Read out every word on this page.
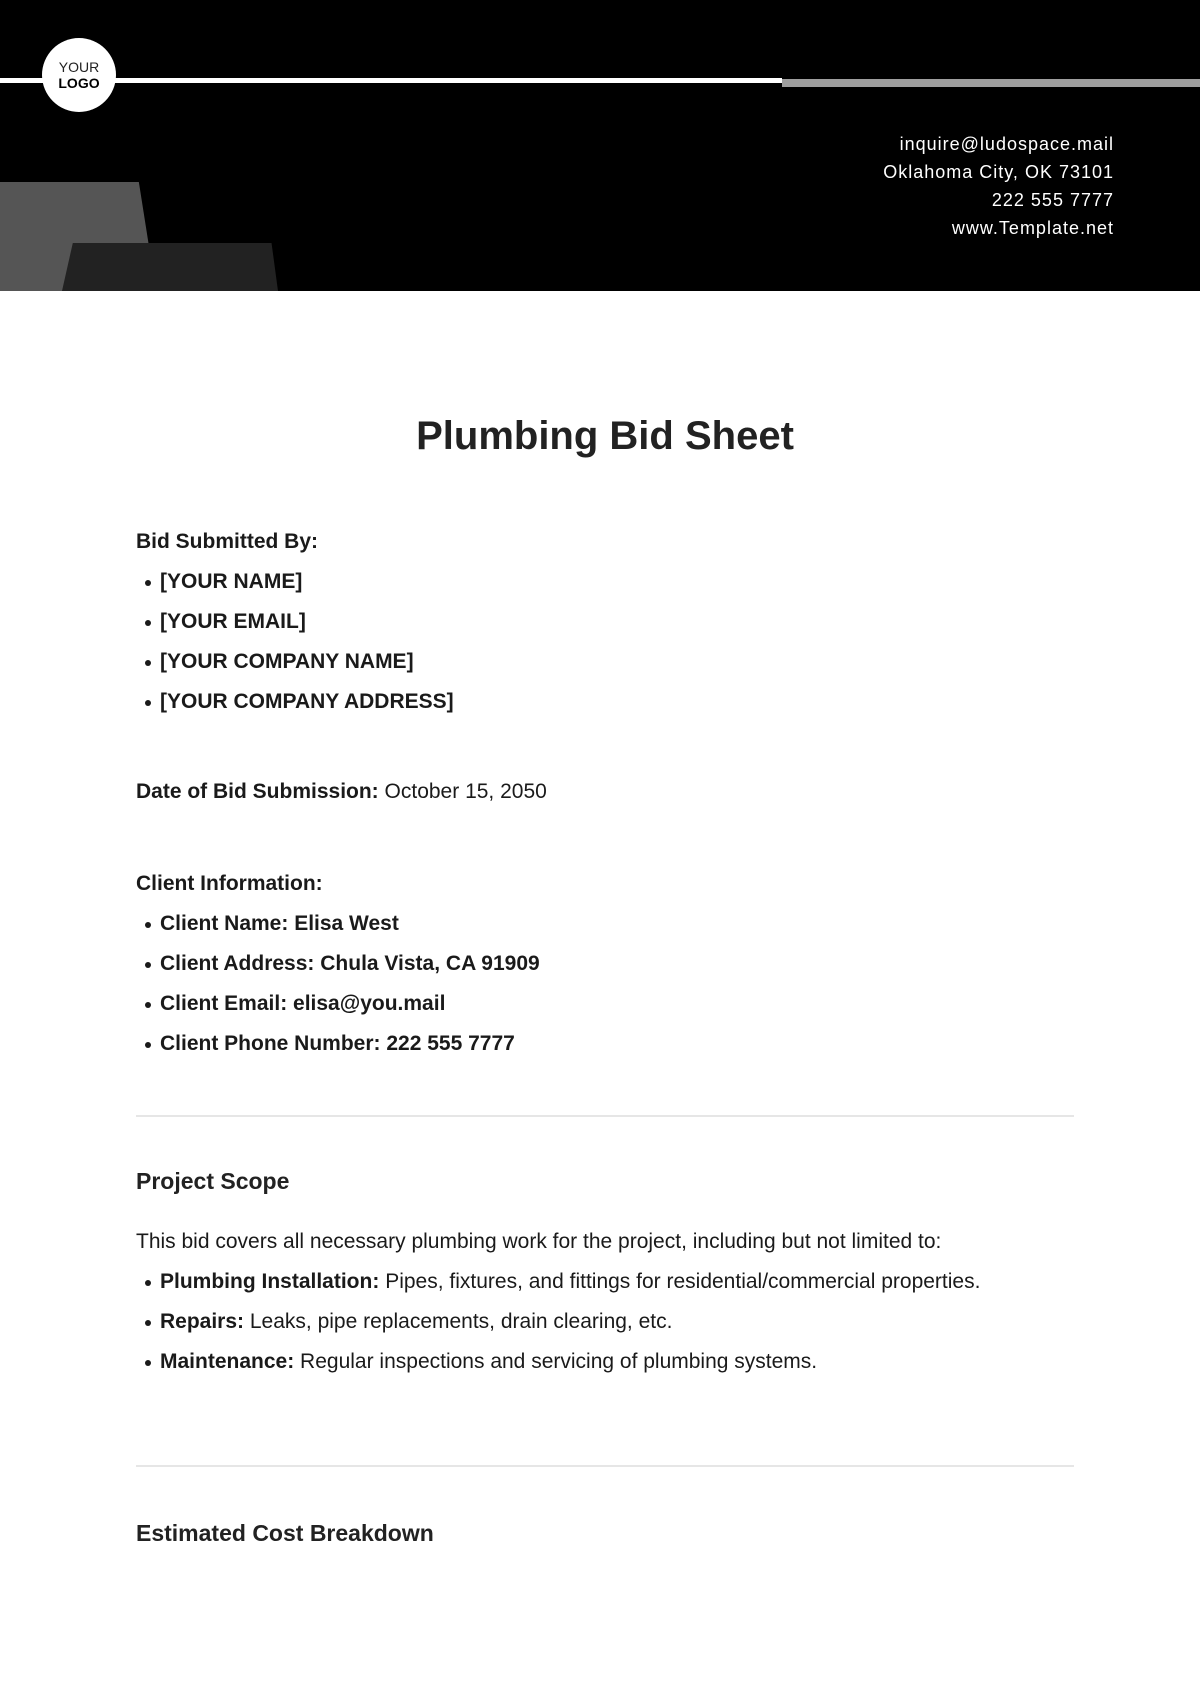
YOUR
LOGO
inquire@ludospace.mail
Oklahoma City, OK 73101
222 555 7777
www.Template.net
Plumbing Bid Sheet
Bid Submitted By:
[YOUR NAME]
[YOUR EMAIL]
[YOUR COMPANY NAME]
[YOUR COMPANY ADDRESS]
Date of Bid Submission: October 15, 2050
Client Information:
Client Name: Elisa West
Client Address: Chula Vista, CA 91909
Client Email: elisa@you.mail
Client Phone Number: 222 555 7777
Project Scope

This bid covers all necessary plumbing work for the project, including but not limited to:

Plumbing Installation: Pipes, fixtures, and fittings for residential/commercial properties.
Repairs: Leaks, pipe replacements, drain clearing, etc.
Maintenance: Regular inspections and servicing of plumbing systems.
Estimated Cost Breakdown
